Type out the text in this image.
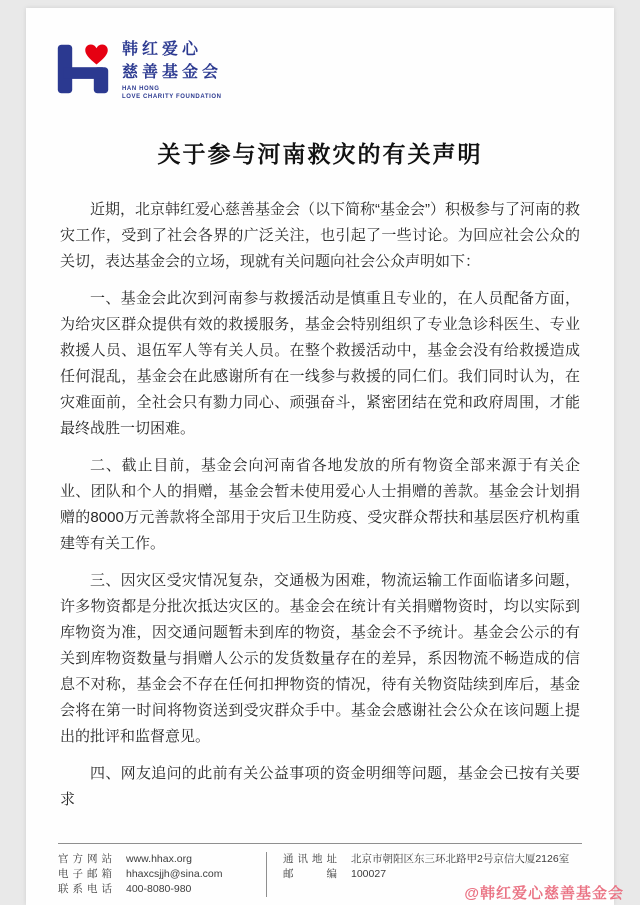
韩红爱心
慈善基金会
HAN HONG
LOVE CHARITY FOUNDATION
关于参与河南救灾的有关声明

近期，北京韩红爱心慈善基金会（以下简称“基金会”）积极参与了河南的救灾工作，受到了社会各界的广泛关注，也引起了一些讨论。为回应社会公众的关切，表达基金会的立场，现就有关问题向社会公众声明如下：

一、基金会此次到河南参与救援活动是慎重且专业的，在人员配备方面，为给灾区群众提供有效的救援服务，基金会特别组织了专业急诊科医生、专业救援人员、退伍军人等有关人员。在整个救援活动中，基金会没有给救援造成任何混乱，基金会在此感谢所有在一线参与救援的同仁们。我们同时认为，在灾难面前，全社会只有勠力同心、顽强奋斗，紧密团结在党和政府周围，才能最终战胜一切困难。

二、截止目前，基金会向河南省各地发放的所有物资全部来源于有关企业、团队和个人的捐赠，基金会暂未使用爱心人士捐赠的善款。基金会计划捐赠的8000万元善款将全部用于灾后卫生防疫、受灾群众帮扶和基层医疗机构重建等有关工作。

三、因灾区受灾情况复杂，交通极为困难，物流运输工作面临诸多问题，许多物资都是分批次抵达灾区的。基金会在统计有关捐赠物资时，均以实际到库物资为准，因交通问题暂未到库的物资，基金会不予统计。基金会公示的有关到库物资数量与捐赠人公示的发货数量存在的差异，系因物流不畅造成的信息不对称，基金会不存在任何扣押物资的情况，待有关物资陆续到库后，基金会将在第一时间将物资送到受灾群众手中。基金会感谢社会公众在该问题上提出的批评和监督意见。

四、网友追问的此前有关公益事项的资金明细等问题，基金会已按有关要求

官方网站 www.hhax.org
电子邮箱 hhaxcsjjh@sina.com
联系电话 400-8080-980
通讯地址 北京市朝阳区东三环北路甲2号京信大厦2126室
邮编 100027
@韩红爱心慈善基金会
